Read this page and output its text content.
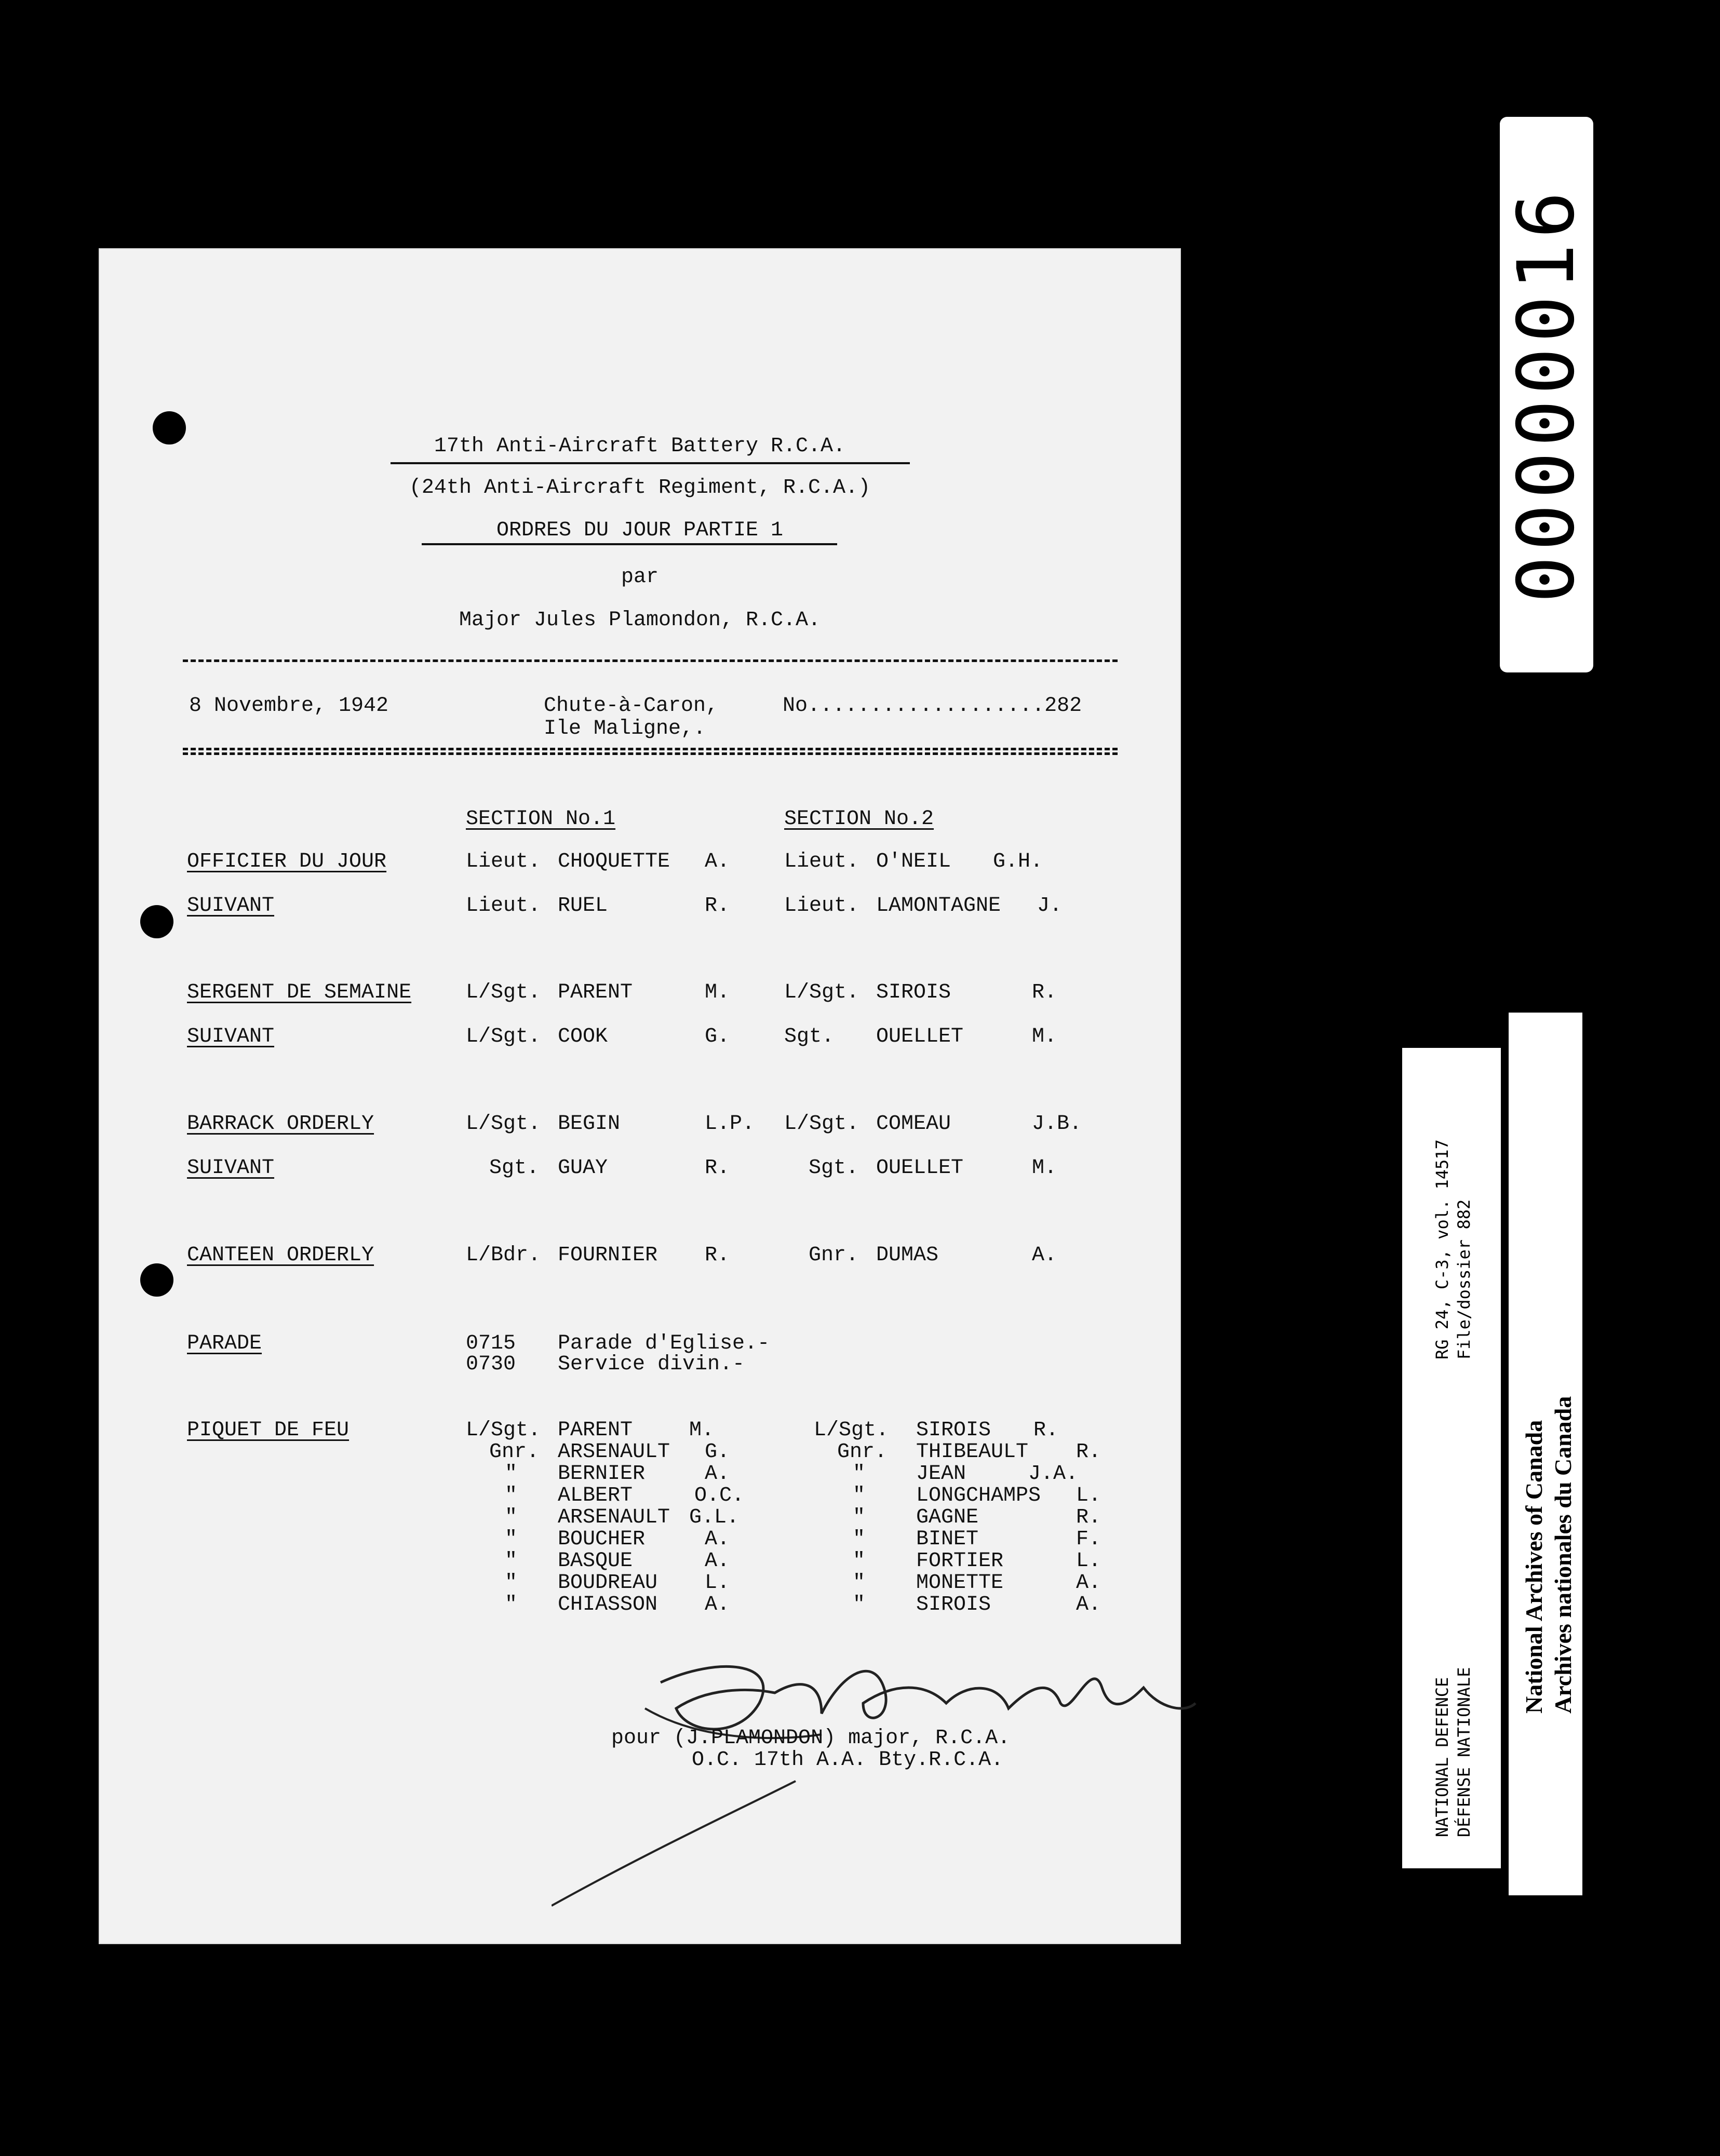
17th Anti-Aircraft Battery R.C.A.
(24th Anti-Aircraft Regiment, R.C.A.)
ORDRES DU JOUR PARTIE 1
par
Major Jules Plamondon, R.C.A.
8 Novembre, 1942	Chute-à-Caron,
Ile Maligne,.
No...................282
SECTION No.1	SECTION No.2
OFFICIER DU JOUR	Lieut. CHOQUETTE A.	Lieut. O'NEIL G.H.
SUIVANT	Lieut. RUEL	R.	Lieut. LAMONTAGNE J.
SERGENT DE SEMAINE	L/Sgt. PARENT	M.	L/Sgt. SIROIS	R.
SUIVANT	L/Sgt. COOK	G.	Sgt. OUELLET	M.
BARRACK ORDERLY	L/Sgt. BEGIN	L.P. L/Sgt. COMEAU	J.B.
SUIVANT	Sgt. GUAY	R.	Sgt. OUELLET	M.
CANTEEN ORDERLY	L/Bdr. FOURNIER R.	Gnr. DUMAS	A.
PARADE	0715 Parade d'Eglise.-
0730 Service divin.-
PIQUET DE FEU	L/Sgt. PARENT	M.	L/Sgt. SIROIS R.
Gnr. ARSENAULT G.	Gnr. THIBEAULT R.
" BERNIER	A.	" JEAN	J.A.
" ALBERT	O.C.	" LONGCHAMPS L.
" ARSENAULT G.L.	" GAGNE	R.
" BOUCHER	A.	" BINET	F.
" BASQUE	A.	" FORTIER	L.
" BOUDREAU L.	" MONETTE	A.
" CHIASSON A.	" SIROIS	A.
pour (J.PLAMONDON) major, R.C.A.
O.C. 17th A.A. Bty.R.C.A.
00000016
RG 24, C-3, vol. 14517 File/dossier 882
NATIONAL DEFENCE DÉFENSE NATIONALE
National Archives of Canada Archives nationales du Canada
